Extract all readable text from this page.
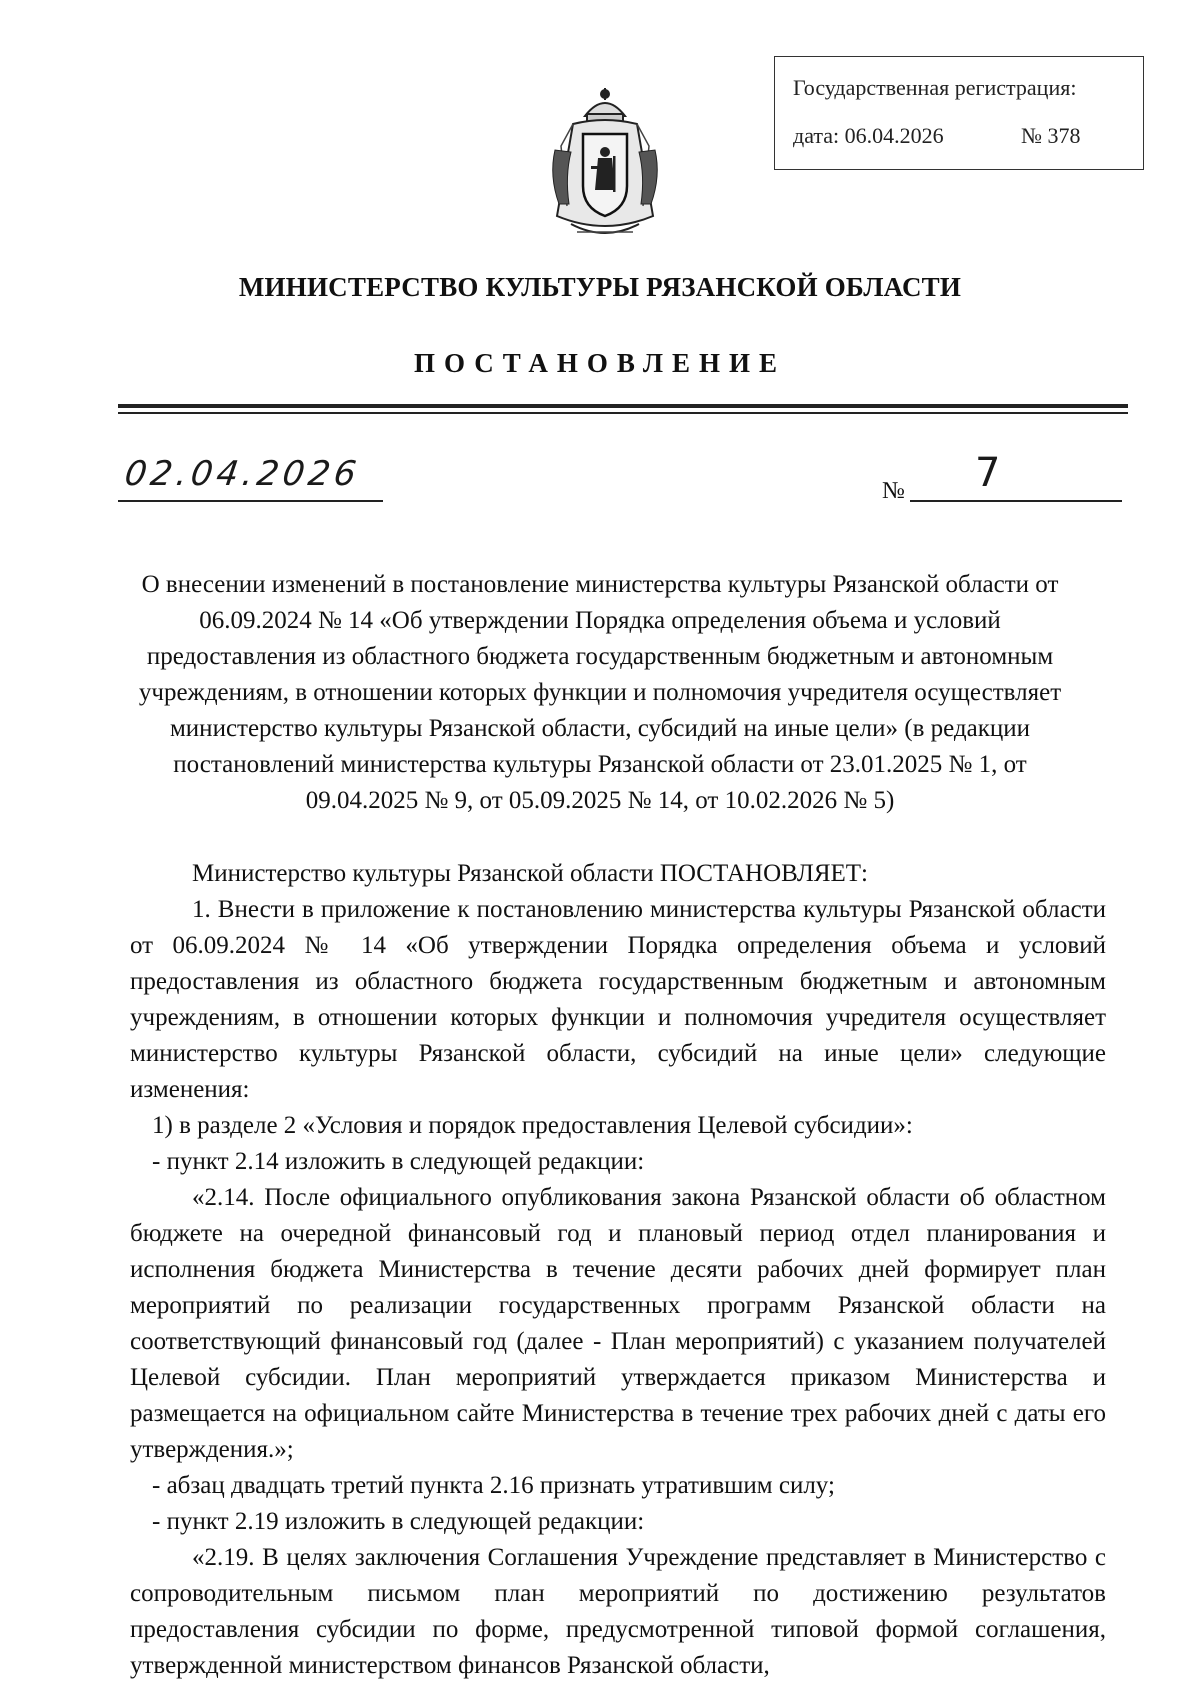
Государственная регистрация:
дата: 06.04.2026	№ 378
МИНИСТЕРСТВО КУЛЬТУРЫ РЯЗАНСКОЙ ОБЛАСТИ
ПОСТАНОВЛЕНИЕ
02.04.2026	№ 7
О внесении изменений в постановление министерства культуры Рязанской области от 06.09.2024 № 14 «Об утверждении Порядка определения объема и условий предоставления из областного бюджета государственным бюджетным и автономным учреждениям, в отношении которых функции и полномочия учредителя осуществляет министерство культуры Рязанской области, субсидий на иные цели» (в редакции постановлений министерства культуры Рязанской области от 23.01.2025 № 1, от 09.04.2025 № 9, от 05.09.2025 № 14, от 10.02.2026 № 5)

Министерство культуры Рязанской области ПОСТАНОВЛЯЕТ:

1. Внести в приложение к постановлению министерства культуры Рязанской области от 06.09.2024 № 14 «Об утверждении Порядка определения объема и условий предоставления из областного бюджета государственным бюджетным и автономным учреждениям, в отношении которых функции и полномочия учредителя осуществляет министерство культуры Рязанской области, субсидий на иные цели» следующие изменения:

1) в разделе 2 «Условия и порядок предоставления Целевой субсидии»:

- пункт 2.14 изложить в следующей редакции:

«2.14. После официального опубликования закона Рязанской области об областном бюджете на очередной финансовый год и плановый период отдел планирования и исполнения бюджета Министерства в течение десяти рабочих дней формирует план мероприятий по реализации государственных программ Рязанской области на соответствующий финансовый год (далее - План мероприятий) с указанием получателей Целевой субсидии. План мероприятий утверждается приказом Министерства и размещается на официальном сайте Министерства в течение трех рабочих дней с даты его утверждения.»;

- абзац двадцать третий пункта 2.16 признать утратившим силу;

- пункт 2.19 изложить в следующей редакции:

«2.19. В целях заключения Соглашения Учреждение представляет в Министерство с сопроводительным письмом план мероприятий по достижению результатов предоставления субсидии по форме, предусмотренной типовой формой соглашения, утвержденной министерством финансов Рязанской области,
